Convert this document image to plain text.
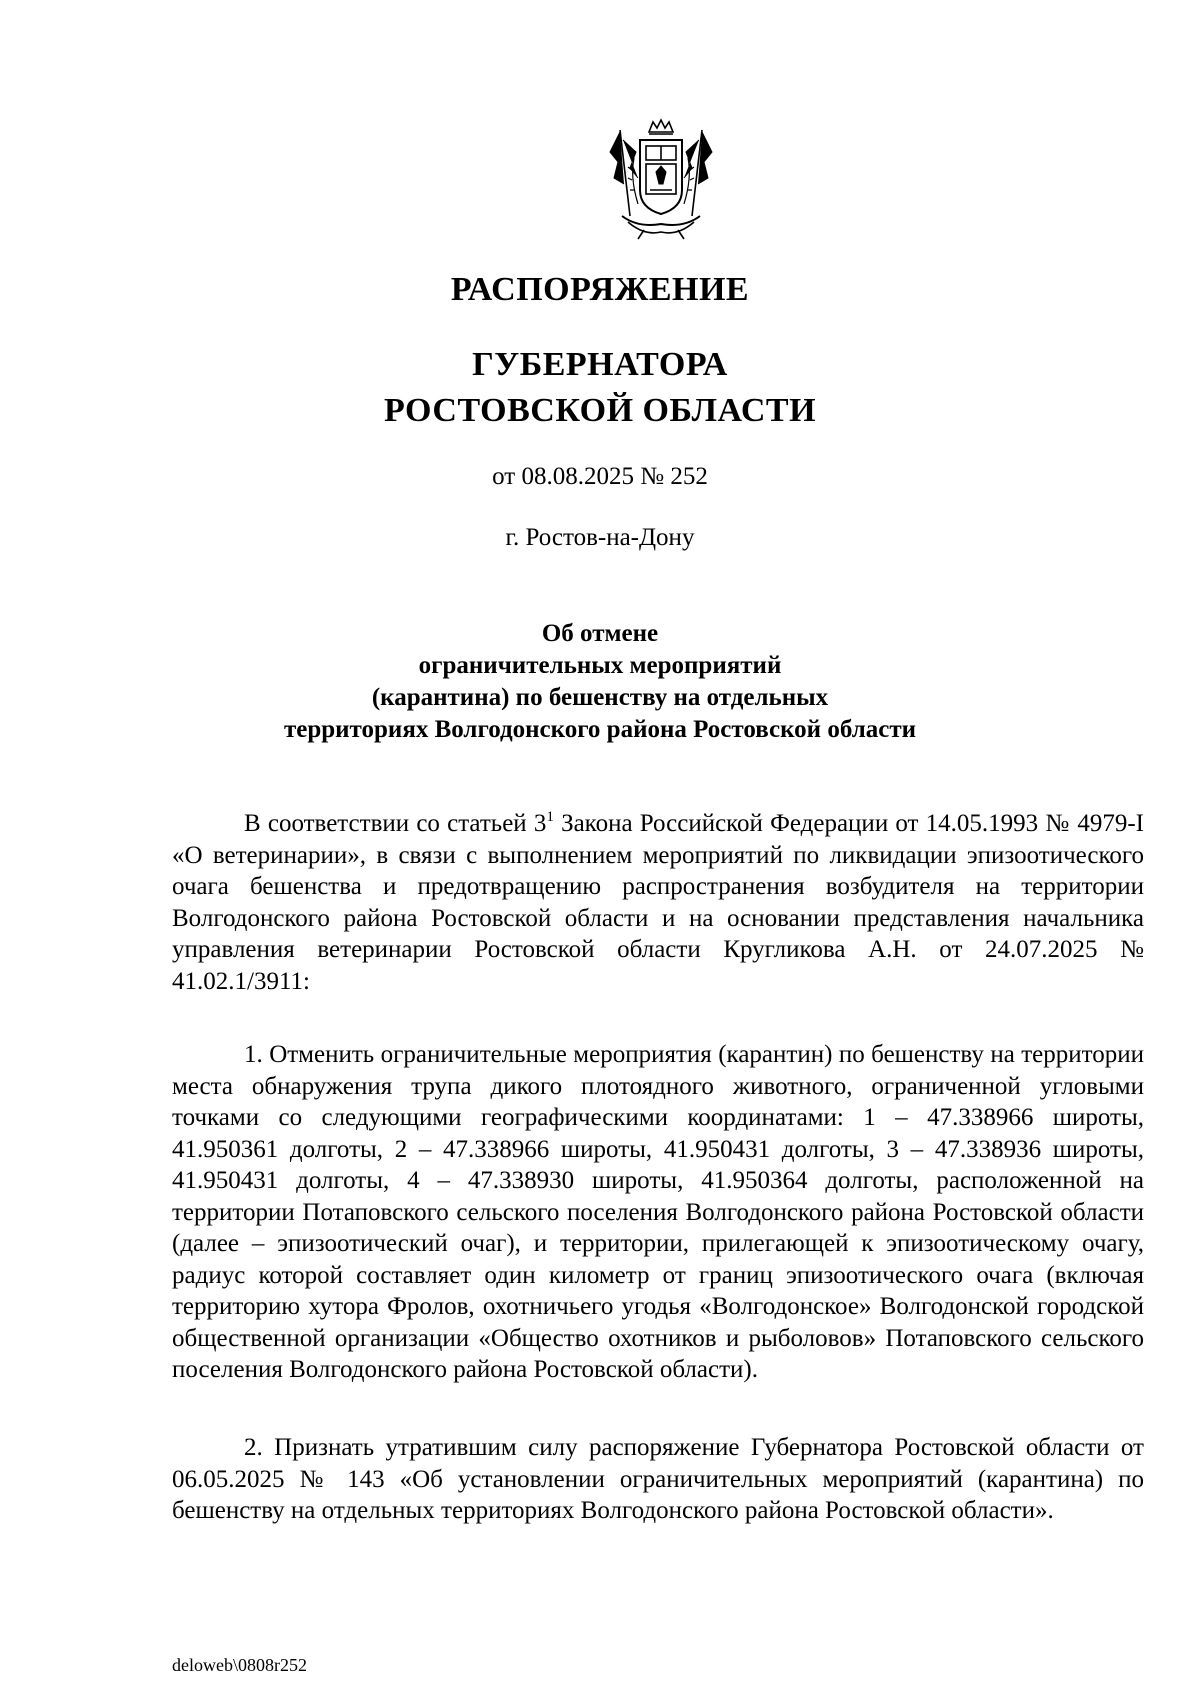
РАСПОРЯЖЕНИЕ
ГУБЕРНАТОРА
РОСТОВСКОЙ ОБЛАСТИ
от 08.08.2025 № 252
г. Ростов-на-Дону
Об отмене
ограничительных мероприятий
(карантина) по бешенству на отдельных
территориях Волгодонского района Ростовской области

В соответствии со статьей $3^1$ Закона Российской Федерации от 14.05.1993 № 4979-I «О ветеринарии», в связи с выполнением мероприятий по ликвидации эпизоотического очага бешенства и предотвращению распространения возбудителя на территории Волгодонского района Ростовской области и на основании представления начальника управления ветеринарии Ростовской области Кругликова А.Н. от 24.07.2025 № 41.02.1/3911:

1. Отменить ограничительные мероприятия (карантин) по бешенству на территории места обнаружения трупа дикого плотоядного животного, ограниченной угловыми точками со следующими географическими координатами: 1 – 47.338966 широты, 41.950361 долготы, 2 – 47.338966 широты, 41.950431 долготы, 3 – 47.338936 широты, 41.950431 долготы, 4 – 47.338930 широты, 41.950364 долготы, расположенной на территории Потаповского сельского поселения Волгодонского района Ростовской области (далее – эпизоотический очаг), и территории, прилегающей к эпизоотическому очагу, радиус которой составляет один километр от границ эпизоотического очага (включая территорию хутора Фролов, охотничьего угодья «Волгодонское» Волгодонской городской общественной организации «Общество охотников и рыболовов» Потаповского сельского поселения Волгодонского района Ростовской области).

2. Признать утратившим силу распоряжение Губернатора Ростовской области от 06.05.2025 № 143 «Об установлении ограничительных мероприятий (карантина) по бешенству на отдельных территориях Волгодонского района Ростовской области».

deloweb\0808r252
